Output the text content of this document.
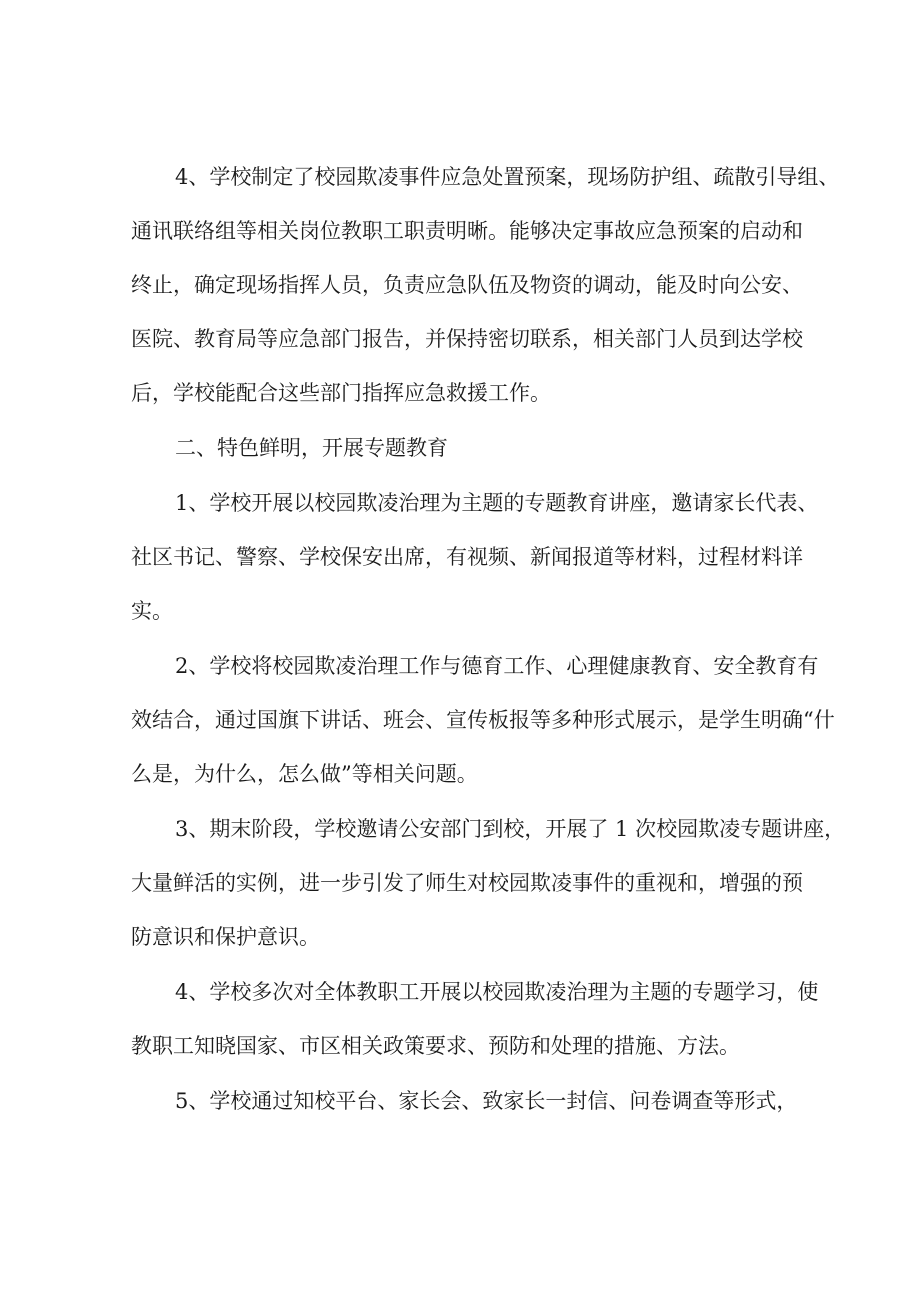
4、学校制定了校园欺凌事件应急处置预案，现场防护组、疏散引导组、
通讯联络组等相关岗位教职工职责明晰。能够决定事故应急预案的启动和
终止，确定现场指挥人员，负责应急队伍及物资的调动，能及时向公安、
医院、教育局等应急部门报告，并保持密切联系，相关部门人员到达学校
后，学校能配合这些部门指挥应急救援工作。
二、特色鲜明，开展专题教育
1、学校开展以校园欺凌治理为主题的专题教育讲座，邀请家长代表、
社区书记、警察、学校保安出席，有视频、新闻报道等材料，过程材料详
实。
2、学校将校园欺凌治理工作与德育工作、心理健康教育、安全教育有
效结合，通过国旗下讲话、班会、宣传板报等多种形式展示，是学生明确“什
么是，为什么，怎么做”等相关问题。
3、期末阶段，学校邀请公安部门到校，开展了 1 次校园欺凌专题讲座，
大量鲜活的实例，进一步引发了师生对校园欺凌事件的重视和，增强的预
防意识和保护意识。
4、学校多次对全体教职工开展以校园欺凌治理为主题的专题学习，使
教职工知晓国家、市区相关政策要求、预防和处理的措施、方法。
5、学校通过知校平台、家长会、致家长一封信、问卷调查等形式，
